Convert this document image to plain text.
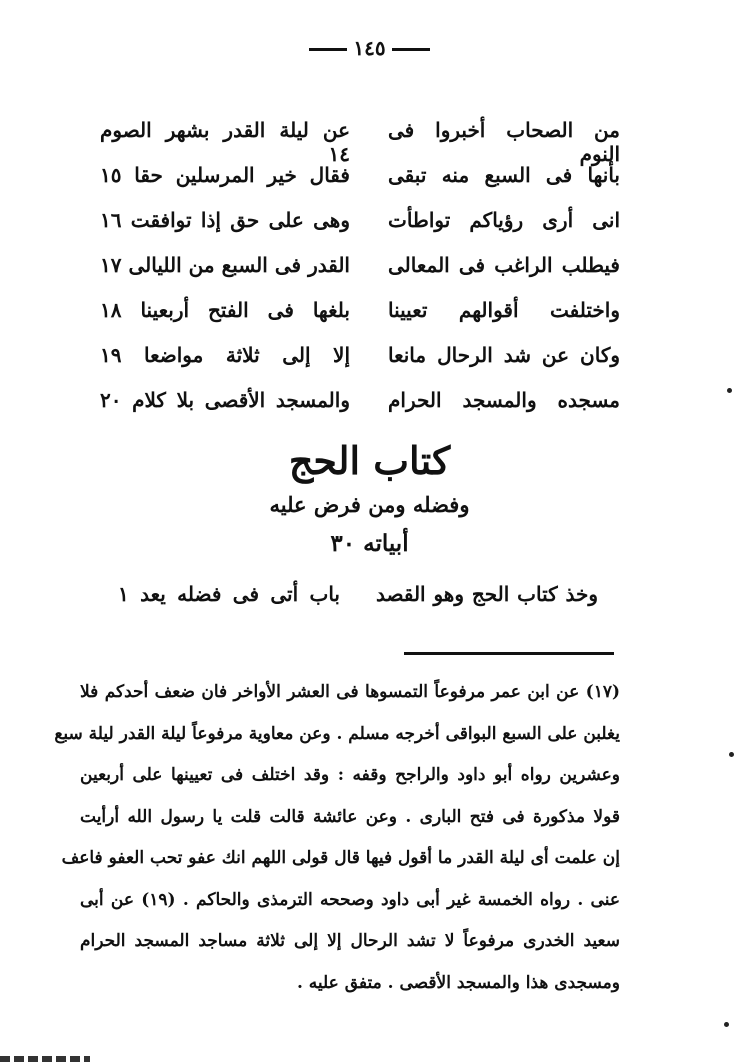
١٤٥
من الصحاب أخبروا فى النوم
عن ليلة القدر بشهر الصوم ١٤
بأنها فى السبع منه تبقى
فقال خير المرسلين حقا ١٥
انى أرى رؤياكم تواطأت
وهى على حق إذا توافقت ١٦
فيطلب الراغب فى المعالى
القدر فى السبع من الليالى ١٧
واختلفت أقوالهم تعيينا
بلغها فى الفتح أربعينا ١٨
وكان عن شد الرحال مانعا
إلا إلى ثلاثة مواضعا ١٩
مسجده والمسجد الحرام
والمسجد الأقصى بلا كلام ٢٠
كتاب الحج
وفضله ومن فرض عليه
أبياته ٣٠
وخذ كتاب الحج وهو القصد
باب أتى فى فضله يعد ١
(١٧) عن ابن عمر مرفوعاً التمسوها فى العشر الأواخر فان ضعف أحدكم فلا
يغلبن على السبع البواقى أخرجه مسلم . وعن معاوية مرفوعاً ليلة القدر ليلة سبع
وعشرين رواه أبو داود والراجح وقفه : وقد اختلف فى تعيينها على أربعين
قولا مذكورة فى فتح البارى . وعن عائشة قالت قلت يا رسول الله أرأيت
إن علمت أى ليلة القدر ما أقول فيها قال قولى اللهم انك عفو تحب العفو فاعف
عنى . رواه الخمسة غير أبى داود وصححه الترمذى والحاكم . (١٩) عن أبى
سعيد الخدرى مرفوعاً لا تشد الرحال إلا إلى ثلاثة مساجد المسجد الحرام
ومسجدى هذا والمسجد الأقصى . متفق عليه .
